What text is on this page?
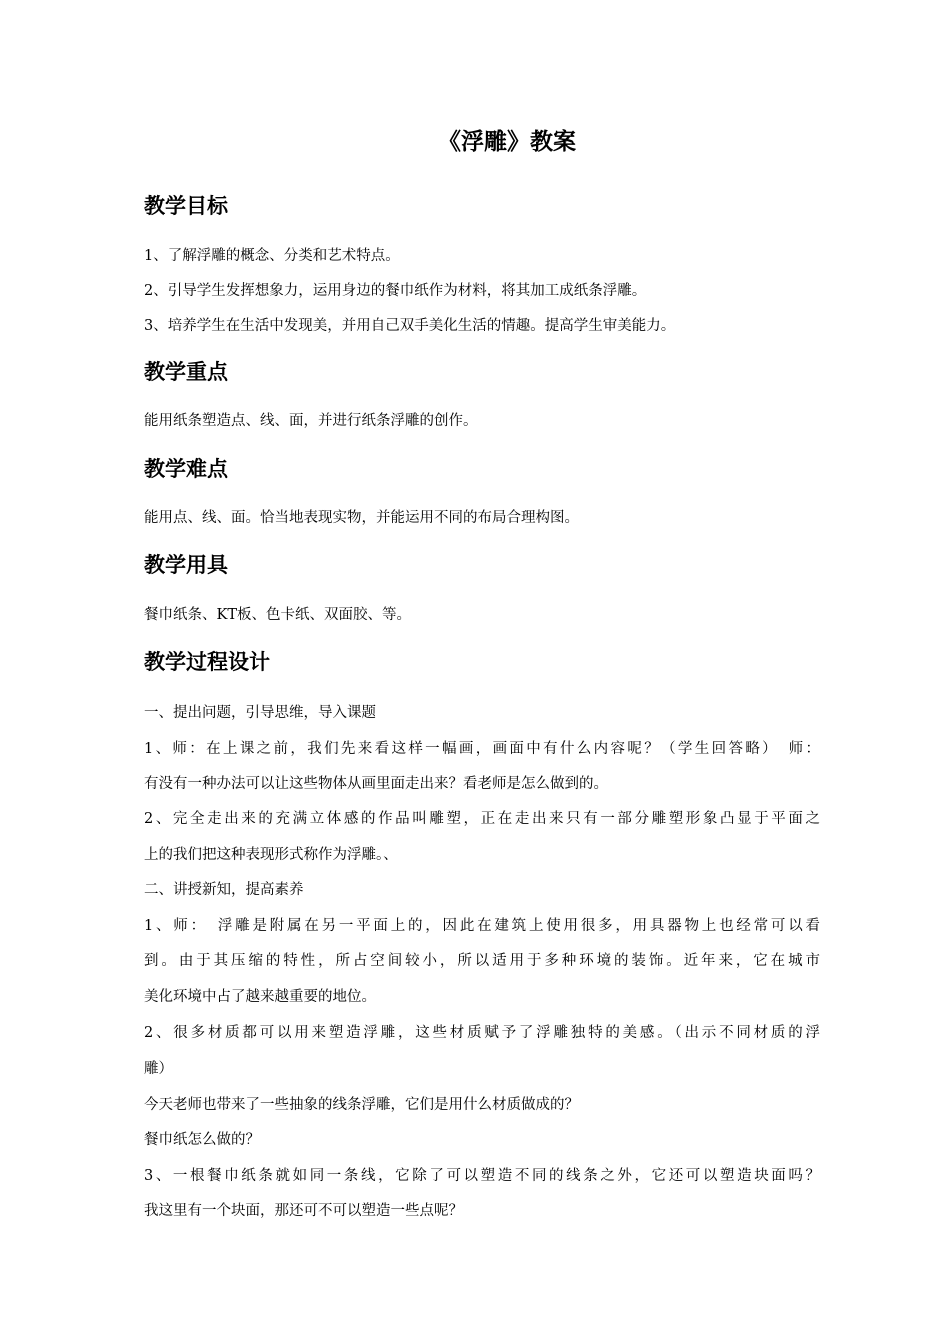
《浮雕》教案
教学目标

1、了解浮雕的概念、分类和艺术特点。

2、引导学生发挥想象力，运用身边的餐巾纸作为材料，将其加工成纸条浮雕。

3、培养学生在生活中发现美，并用自己双手美化生活的情趣。提高学生审美能力。

教学重点

能用纸条塑造点、线、面，并进行纸条浮雕的创作。

教学难点

能用点、线、面。恰当地表现实物，并能运用不同的布局合理构图。

教学用具

餐巾纸条、KT板、色卡纸、双面胶、等。

教学过程设计

一、提出问题，引导思维，导入课题

1、师：在上课之前，我们先来看这样一幅画，画面中有什么内容呢？（学生回答略）　师：

有没有一种办法可以让这些物体从画里面走出来？看老师是怎么做到的。

2、完全走出来的充满立体感的作品叫雕塑，正在走出来只有一部分雕塑形象凸显于平面之

上的我们把这种表现形式称作为浮雕。、

二、讲授新知，提高素养

1、师：　浮雕是附属在另一平面上的，因此在建筑上使用很多，用具器物上也经常可以看

到。由于其压缩的特性，所占空间较小，所以适用于多种环境的装饰。近年来，它在城市

美化环境中占了越来越重要的地位。

2、很多材质都可以用来塑造浮雕，这些材质赋予了浮雕独特的美感。（出示不同材质的浮

雕）

今天老师也带来了一些抽象的线条浮雕，它们是用什么材质做成的？

餐巾纸怎么做的？

3、一根餐巾纸条就如同一条线，它除了可以塑造不同的线条之外，它还可以塑造块面吗？

我这里有一个块面，那还可不可以塑造一些点呢？
